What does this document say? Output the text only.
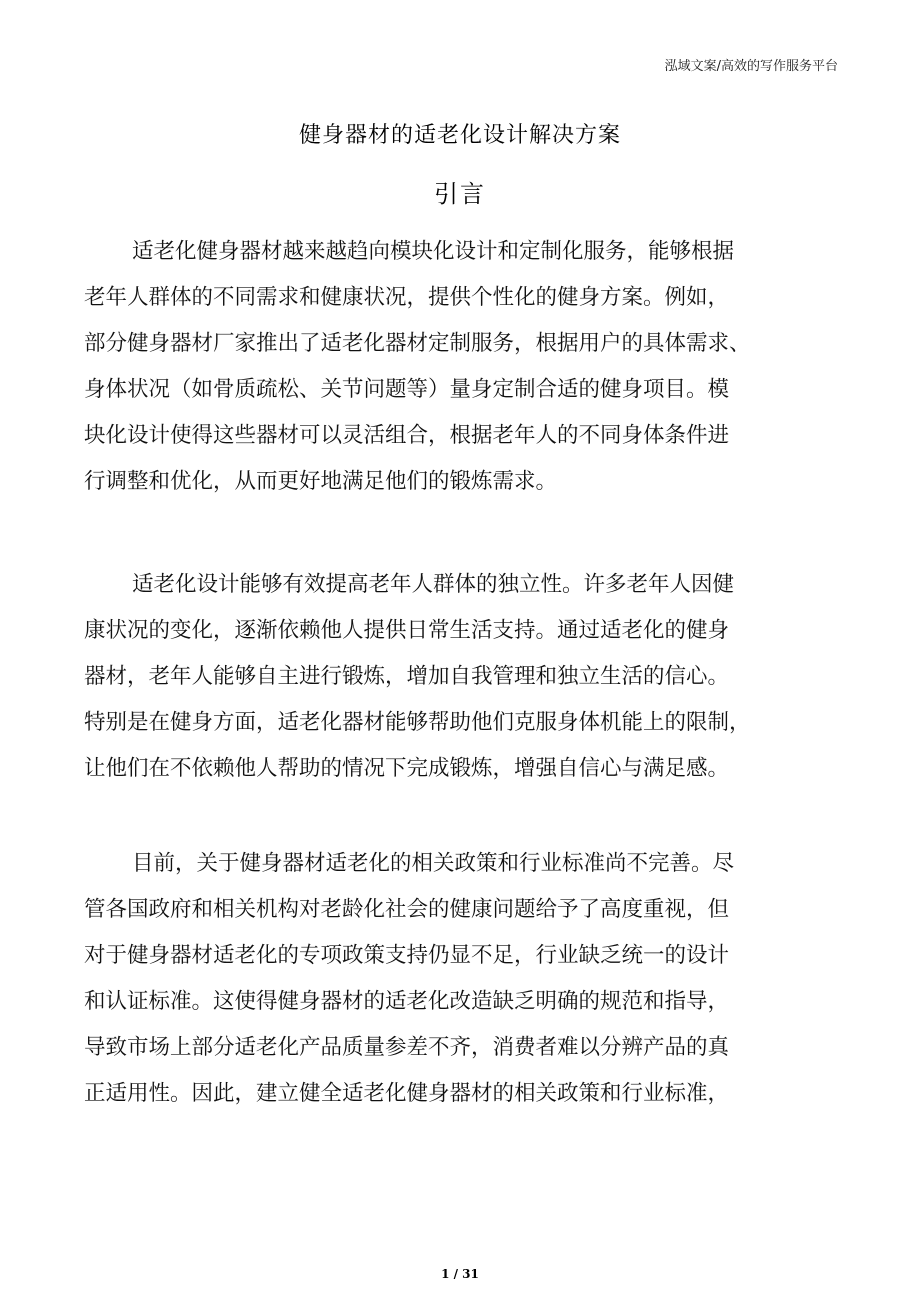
泓域文案/高效的写作服务平台
健身器材的适老化设计解决方案
引言
适老化健身器材越来越趋向模块化设计和定制化服务，能够根据
老年人群体的不同需求和健康状况，提供个性化的健身方案。例如，
部分健身器材厂家推出了适老化器材定制服务，根据用户的具体需求、
身体状况（如骨质疏松、关节问题等）量身定制合适的健身项目。模
块化设计使得这些器材可以灵活组合，根据老年人的不同身体条件进
行调整和优化，从而更好地满足他们的锻炼需求。
适老化设计能够有效提高老年人群体的独立性。许多老年人因健
康状况的变化，逐渐依赖他人提供日常生活支持。通过适老化的健身
器材，老年人能够自主进行锻炼，增加自我管理和独立生活的信心。
特别是在健身方面，适老化器材能够帮助他们克服身体机能上的限制，
让他们在不依赖他人帮助的情况下完成锻炼，增强自信心与满足感。
目前，关于健身器材适老化的相关政策和行业标准尚不完善。尽
管各国政府和相关机构对老龄化社会的健康问题给予了高度重视，但
对于健身器材适老化的专项政策支持仍显不足，行业缺乏统一的设计
和认证标准。这使得健身器材的适老化改造缺乏明确的规范和指导，
导致市场上部分适老化产品质量参差不齐，消费者难以分辨产品的真
正适用性。因此，建立健全适老化健身器材的相关政策和行业标准，
1 / 31
